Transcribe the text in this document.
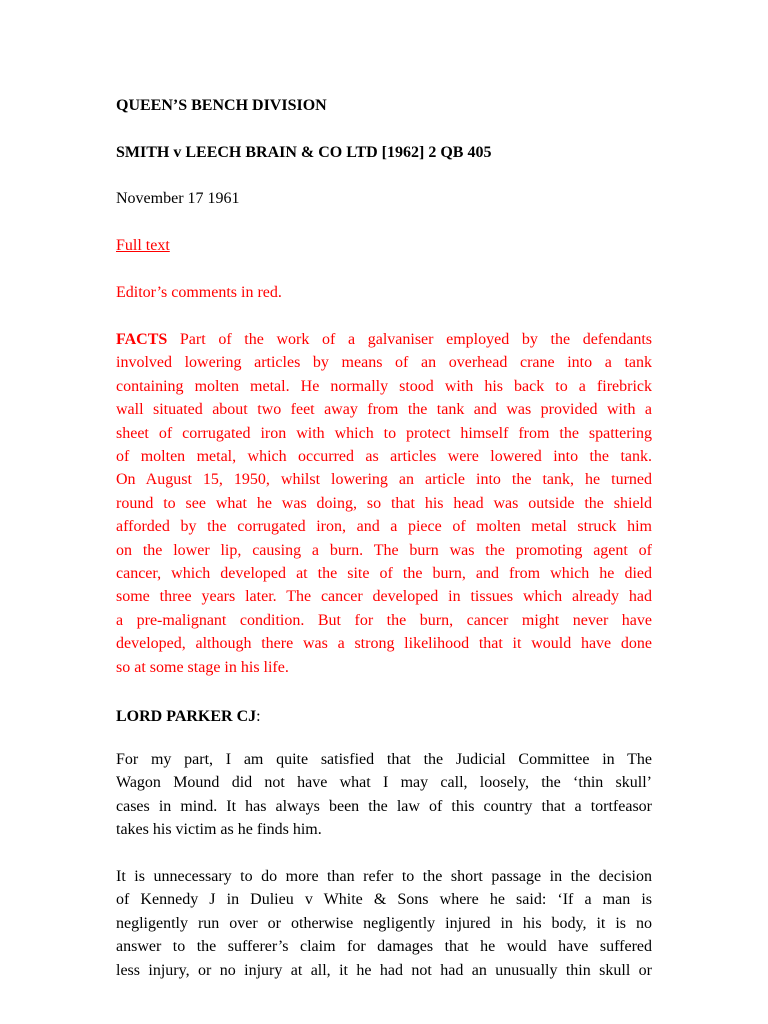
QUEEN’S BENCH DIVISION
SMITH v LEECH BRAIN & CO LTD [1962] 2 QB 405
November 17 1961
Full text
Editor’s comments in red.
FACTS Part of the work of a galvaniser employed by the defendants
involved lowering articles by means of an overhead crane into a tank
containing molten metal. He normally stood with his back to a firebrick
wall situated about two feet away from the tank and was provided with a
sheet of corrugated iron with which to protect himself from the spattering
of molten metal, which occurred as articles were lowered into the tank.
On August 15, 1950, whilst lowering an article into the tank, he turned
round to see what he was doing, so that his head was outside the shield
afforded by the corrugated iron, and a piece of molten metal struck him
on the lower lip, causing a burn. The burn was the promoting agent of
cancer, which developed at the site of the burn, and from which he died
some three years later. The cancer developed in tissues which already had
a pre-malignant condition. But for the burn, cancer might never have
developed, although there was a strong likelihood that it would have done
so at some stage in his life.
LORD PARKER CJ:
For my part, I am quite satisfied that the Judicial Committee in The
Wagon Mound did not have what I may call, loosely, the ‘thin skull’
cases in mind. It has always been the law of this country that a tortfeasor
takes his victim as he finds him.
It is unnecessary to do more than refer to the short passage in the decision
of Kennedy J in Dulieu v White & Sons where he said: ‘If a man is
negligently run over or otherwise negligently injured in his body, it is no
answer to the sufferer’s claim for damages that he would have suffered
less injury, or no injury at all, it he had not had an unusually thin skull or
